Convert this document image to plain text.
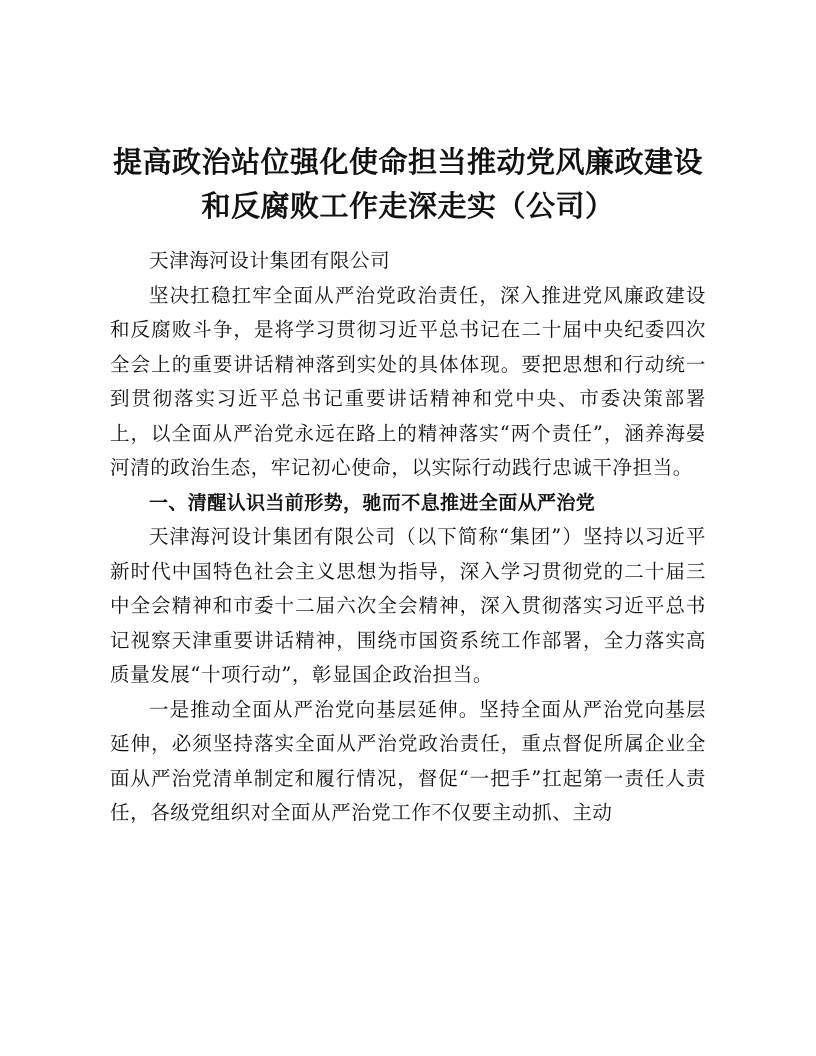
提高政治站位强化使命担当推动党风廉政建设
和反腐败工作走深走实（公司）

天津海河设计集团有限公司

坚决扛稳扛牢全面从严治党政治责任，深入推进党风廉政建设和反腐败斗争，是将学习贯彻习近平总书记在二十届中央纪委四次全会上的重要讲话精神落到实处的具体体现。要把思想和行动统一到贯彻落实习近平总书记重要讲话精神和党中央、市委决策部署上，以全面从严治党永远在路上的精神落实“两个责任”，涵养海晏河清的政治生态，牢记初心使命，以实际行动践行忠诚干净担当。

一、清醒认识当前形势，驰而不息推进全面从严治党

天津海河设计集团有限公司（以下简称“集团”）坚持以习近平新时代中国特色社会主义思想为指导，深入学习贯彻党的二十届三中全会精神和市委十二届六次全会精神，深入贯彻落实习近平总书记视察天津重要讲话精神，围绕市国资系统工作部署，全力落实高质量发展“十项行动”，彰显国企政治担当。

一是推动全面从严治党向基层延伸。坚持全面从严治党向基层延伸，必须坚持落实全面从严治党政治责任，重点督促所属企业全面从严治党清单制定和履行情况，督促“一把手”扛起第一责任人责任，各级党组织对全面从严治党工作不仅要主动抓、主动
